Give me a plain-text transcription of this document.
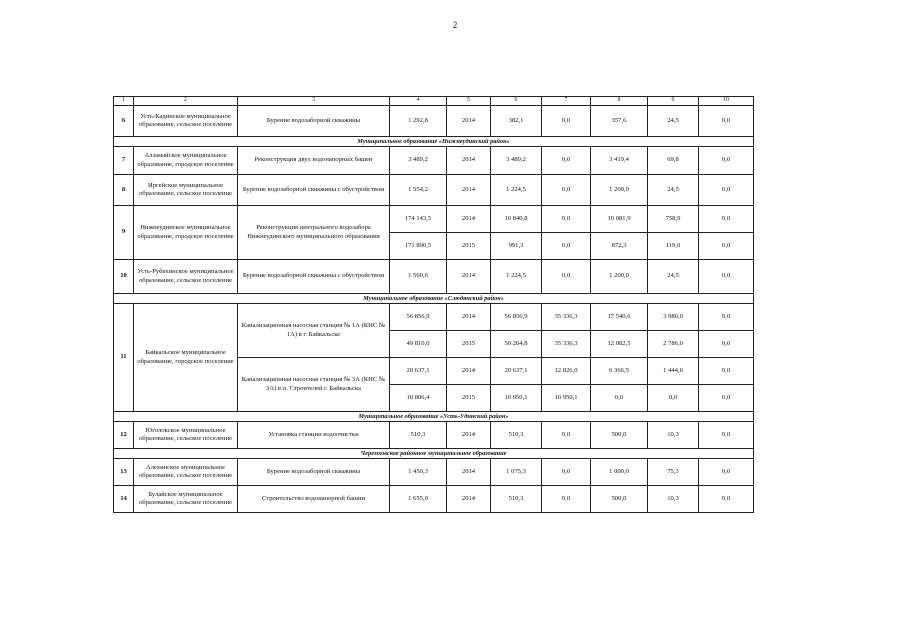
2
1	2	3	4	5	6	7	8	9	10
6	Усть-Кадинское муниципальное образование, сельское поселение	Бурение водозаборной скважины	1 292,8	2014	382,1	0,0	357,6	24,5	0,0
Муниципальное образование «Нижнеудинский район»									
7	Алзамайское муниципальное образование, городское поселение	Реконструкция двух водонапорных башен	3 489,2	2014	3 489,2	0,0	3 419,4	69,8	0,0
8	Иргейское муниципальное образование, сельское поселение	Бурение водозаборной скважины с обустройством	1 554,2	2014	1 224,5	0,0	1 200,0	24,5	0,0
9	Нижнеудинское муниципальное образование, городское поселение	Реконструкция центрального водозабора Нижнеудинского муниципального образования	174 143,5	2014	10 840,8	0,0	10 081,9	758,9	0,0
			171 890,5	2015	991,3	0,0	872,3	119,0	0,0
10	Усть-Рубахинское муниципальное образование, сельское поселение	Бурение водозаборной скважины с обустройством	1 560,6	2014	1 224,5	0,0	1 200,0	24,5	0,0
Муниципальное образование «Слюдянский район»									
11	Байкальское муниципальное образование, городское поселение	Канализационная насосная станция № 1А (КНС № 1А) в г. Байкальске	56 856,9	2014	56 856,9	35 336,3	17 540,6	3 980,0	0,0
			49 810,0	2015	50 204,8	35 336,3	12 082,5	2 786,0	0,0
		Канализационная насосная станция № 3А (КНС № 3А) в п. Строителей г. Байкальска	20 637,1	2014	20 637,1	12 826,0	6 366,5	1 444,6	0,0
			10 806,4	2015	10 950,1	10 950,1	0,0	0,0	0,0
Муниципальное образование «Усть-Удинский район»									
12	Юголокское муниципальное образование, сельское поселение	Установка станции водоочистки	510,3	2014	510,3	0,0	500,0	10,3	0,0
Черемховское районное муниципальное образование									
13	Алехинское муниципальное образование, сельское поселение	Бурение водозаборной скважины	1 450,3	2014	1 075,3	0,0	1 000,0	75,3	0,0
14	Булайское муниципальное образование, сельское поселение	Строительство водонапорной башни	1 655,0	2014	510,3	0,0	500,0	10,3	0,0
